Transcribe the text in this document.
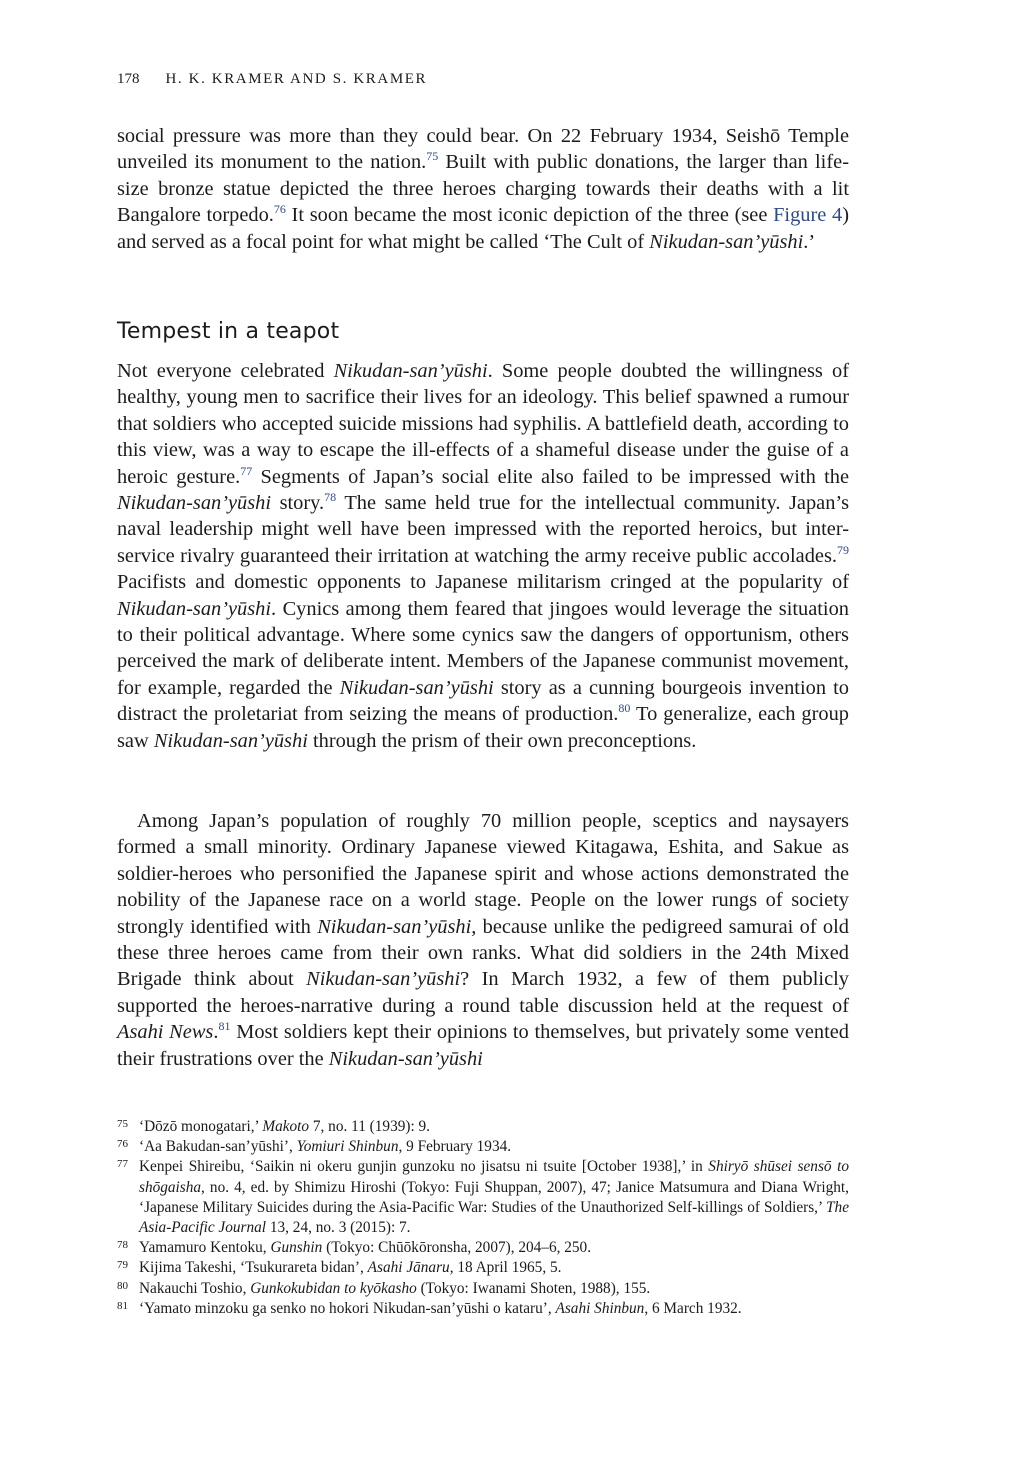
178 H. K. KRAMER AND S. KRAMER

social pressure was more than they could bear. On 22 February 1934, Seishō Temple unveiled its monument to the nation.$^{75}$ Built with public donations, the larger than life-size bronze statue depicted the three heroes charging towards their deaths with a lit Bangalore torpedo.$^{76}$ It soon became the most iconic depiction of the three (see Figure 4) and served as a focal point for what might be called ‘The Cult of Nikudan-san’yūshi.’

Tempest in a teapot

Not everyone celebrated Nikudan-san’yūshi. Some people doubted the willingness of healthy, young men to sacrifice their lives for an ideology. This belief spawned a rumour that soldiers who accepted suicide missions had syphilis. A battlefield death, according to this view, was a way to escape the ill-effects of a shameful disease under the guise of a heroic gesture.$^{77}$ Segments of Japan’s social elite also failed to be impressed with the Nikudan-san’yūshi story.$^{78}$ The same held true for the intellectual community. Japan’s naval leadership might well have been impressed with the reported heroics, but inter-service rivalry guaranteed their irritation at watching the army receive public accolades.$^{79}$ Pacifists and domestic opponents to Japanese militarism cringed at the popularity of Nikudan-san’yūshi. Cynics among them feared that jingoes would leverage the situation to their political advantage. Where some cynics saw the dangers of opportunism, others perceived the mark of deliberate intent. Members of the Japanese communist movement, for example, regarded the Nikudan-san’yūshi story as a cunning bourgeois invention to distract the proletariat from seizing the means of production.$^{80}$ To generalize, each group saw Nikudan-san’yūshi through the prism of their own preconceptions.

Among Japan’s population of roughly 70 million people, sceptics and naysayers formed a small minority. Ordinary Japanese viewed Kitagawa, Eshita, and Sakue as soldier-heroes who personified the Japanese spirit and whose actions demonstrated the nobility of the Japanese race on a world stage. People on the lower rungs of society strongly identified with Nikudan-san’yūshi, because unlike the pedigreed samurai of old these three heroes came from their own ranks. What did soldiers in the 24th Mixed Brigade think about Nikudan-san’yūshi? In March 1932, a few of them publicly supported the heroes-narrative during a round table discussion held at the request of Asahi News.$^{81}$ Most soldiers kept their opinions to themselves, but privately some vented their frustrations over the Nikudan-san’yūshi

75 ‘Dōzō monogatari,’ Makoto 7, no. 11 (1939): 9.
76 ‘Aa Bakudan-san’yūshi’, Yomiuri Shinbun, 9 February 1934.
77 Kenpei Shireibu, ‘Saikin ni okeru gunjin gunzoku no jisatsu ni tsuite [October 1938],’ in Shiryō shūsei sensō to shōgaisha, no. 4, ed. by Shimizu Hiroshi (Tokyo: Fuji Shuppan, 2007), 47; Janice Matsumura and Diana Wright, ‘Japanese Military Suicides during the Asia-Pacific War: Studies of the Unauthorized Self-killings of Soldiers,’ The Asia-Pacific Journal 13, 24, no. 3 (2015): 7.
78 Yamamuro Kentoku, Gunshin (Tokyo: Chūōkōronsha, 2007), 204–6, 250.
79 Kijima Takeshi, ‘Tsukurareta bidan’, Asahi Jānaru, 18 April 1965, 5.
80 Nakauchi Toshio, Gunkokubidan to kyōkasho (Tokyo: Iwanami Shoten, 1988), 155.
81 ‘Yamato minzoku ga senko no hokori Nikudan-san’yūshi o kataru’, Asahi Shinbun, 6 March 1932.
